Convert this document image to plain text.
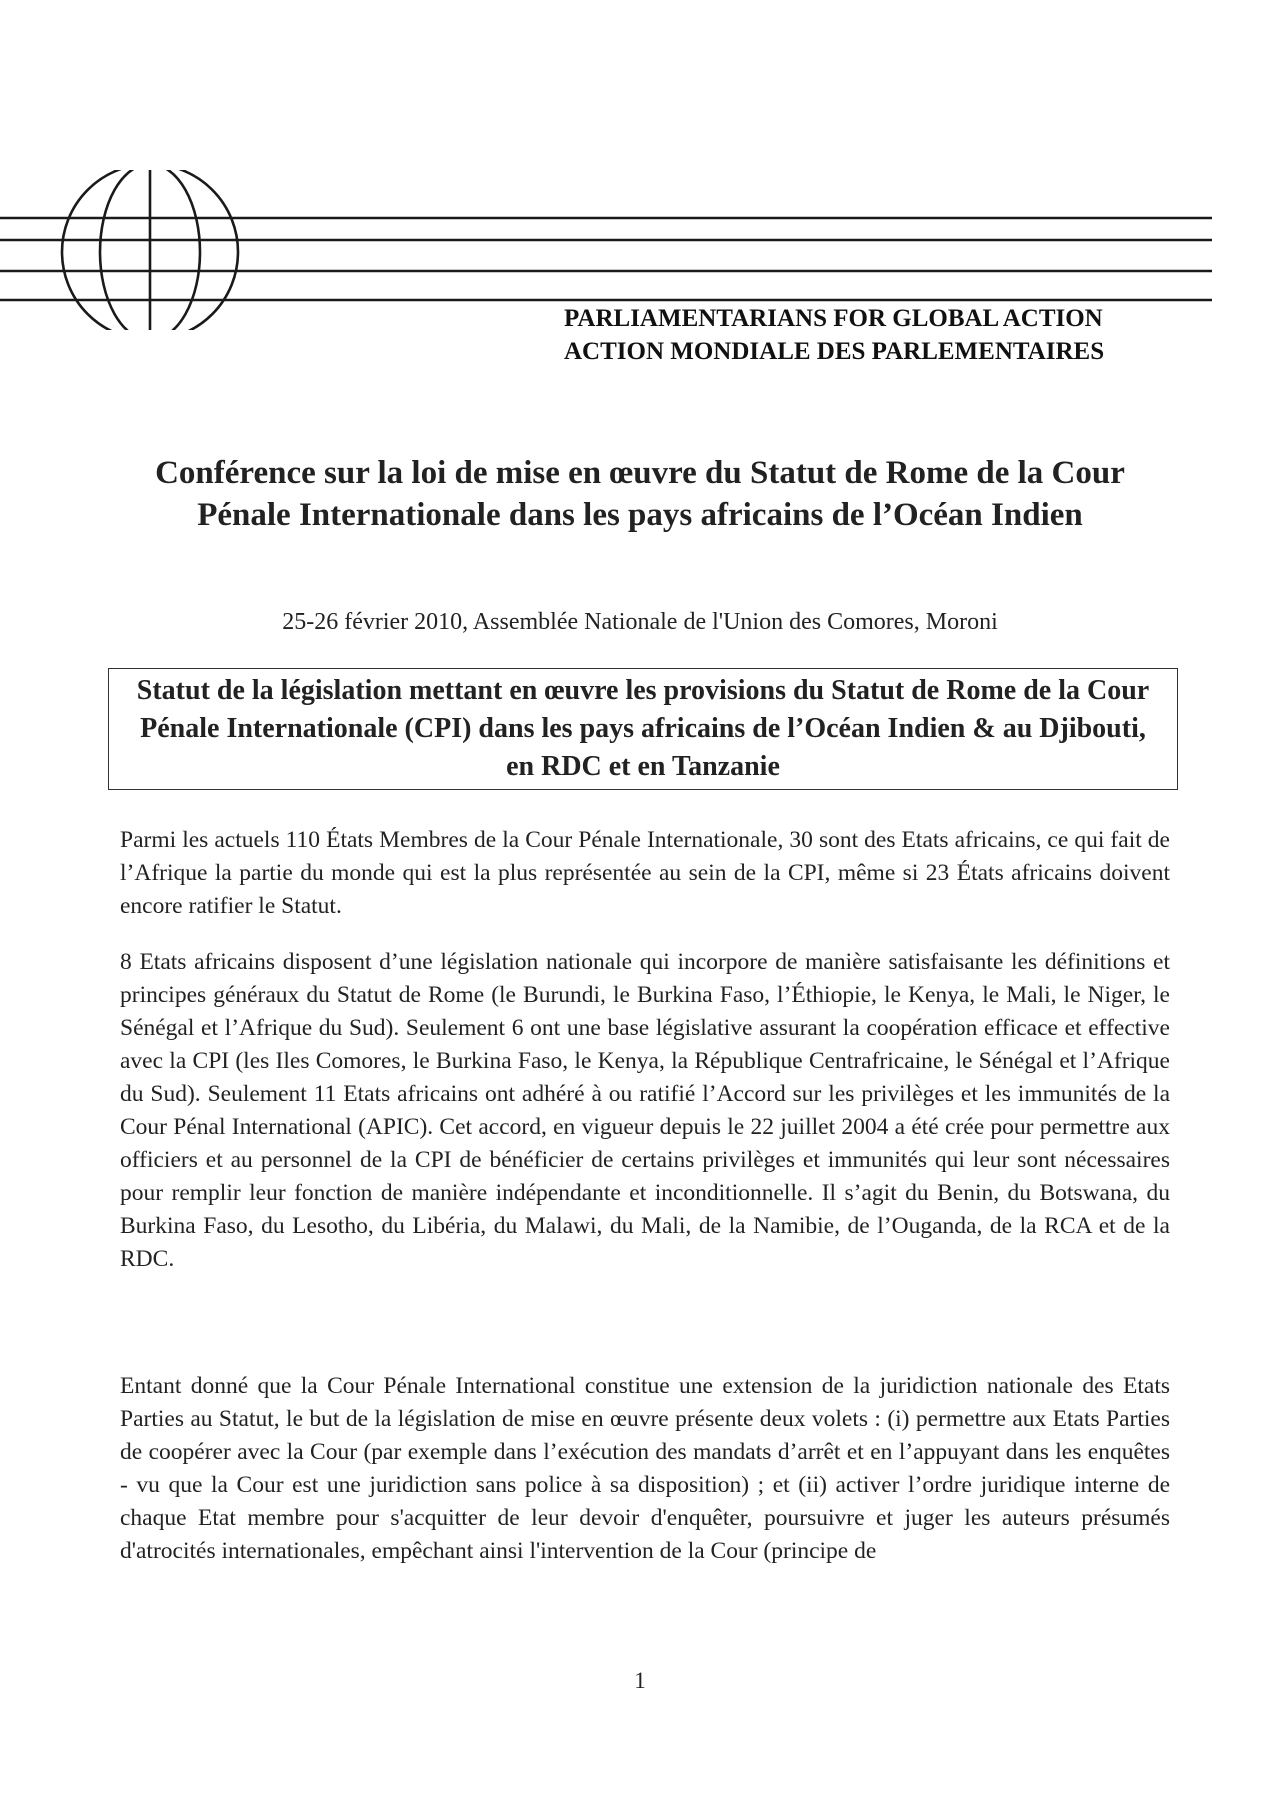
PARLIAMENTARIANS FOR GLOBAL ACTION
ACTION MONDIALE DES PARLEMENTAIRES
Conférence sur la loi de mise en œuvre du Statut de Rome de la Cour Pénale Internationale dans les pays africains de l’Océan Indien
25-26 février 2010, Assemblée Nationale de l'Union des Comores, Moroni
Statut de la législation mettant en œuvre les provisions du Statut de Rome de la Cour Pénale Internationale (CPI) dans les pays africains de l’Océan Indien & au Djibouti, en RDC et en Tanzanie

Parmi les actuels 110 États Membres de la Cour Pénale Internationale, 30 sont des Etats africains, ce qui fait de l’Afrique la partie du monde qui est la plus représentée au sein de la CPI, même si 23 États africains doivent encore ratifier le Statut.

8 Etats africains disposent d’une législation nationale qui incorpore de manière satisfaisante les définitions et principes généraux du Statut de Rome (le Burundi, le Burkina Faso, l’Éthiopie, le Kenya, le Mali, le Niger, le Sénégal et l’Afrique du Sud). Seulement 6 ont une base législative assurant la coopération efficace et effective avec la CPI (les Iles Comores, le Burkina Faso, le Kenya, la République Centrafricaine, le Sénégal et l’Afrique du Sud). Seulement 11 Etats africains ont adhéré à ou ratifié l’Accord sur les privilèges et les immunités de la Cour Pénal International (APIC). Cet accord, en vigueur depuis le 22 juillet 2004 a été crée pour permettre aux officiers et au personnel de la CPI de bénéficier de certains privilèges et immunités qui leur sont nécessaires pour remplir leur fonction de manière indépendante et inconditionnelle. Il s’agit du Benin, du Botswana, du Burkina Faso, du Lesotho, du Libéria, du Malawi, du Mali, de la Namibie, de l’Ouganda, de la RCA et de la RDC.

Entant donné que la Cour Pénale International constitue une extension de la juridiction nationale des Etats Parties au Statut, le but de la législation de mise en œuvre présente deux volets : (i) permettre aux Etats Parties de coopérer avec la Cour (par exemple dans l’exécution des mandats d’arrêt et en l’appuyant dans les enquêtes - vu que la Cour est une juridiction sans police à sa disposition) ; et (ii) activer l’ordre juridique interne de chaque Etat membre pour s'acquitter de leur devoir d'enquêter, poursuivre et juger les auteurs présumés d'atrocités internationales, empêchant ainsi l'intervention de la Cour (principe de

1
